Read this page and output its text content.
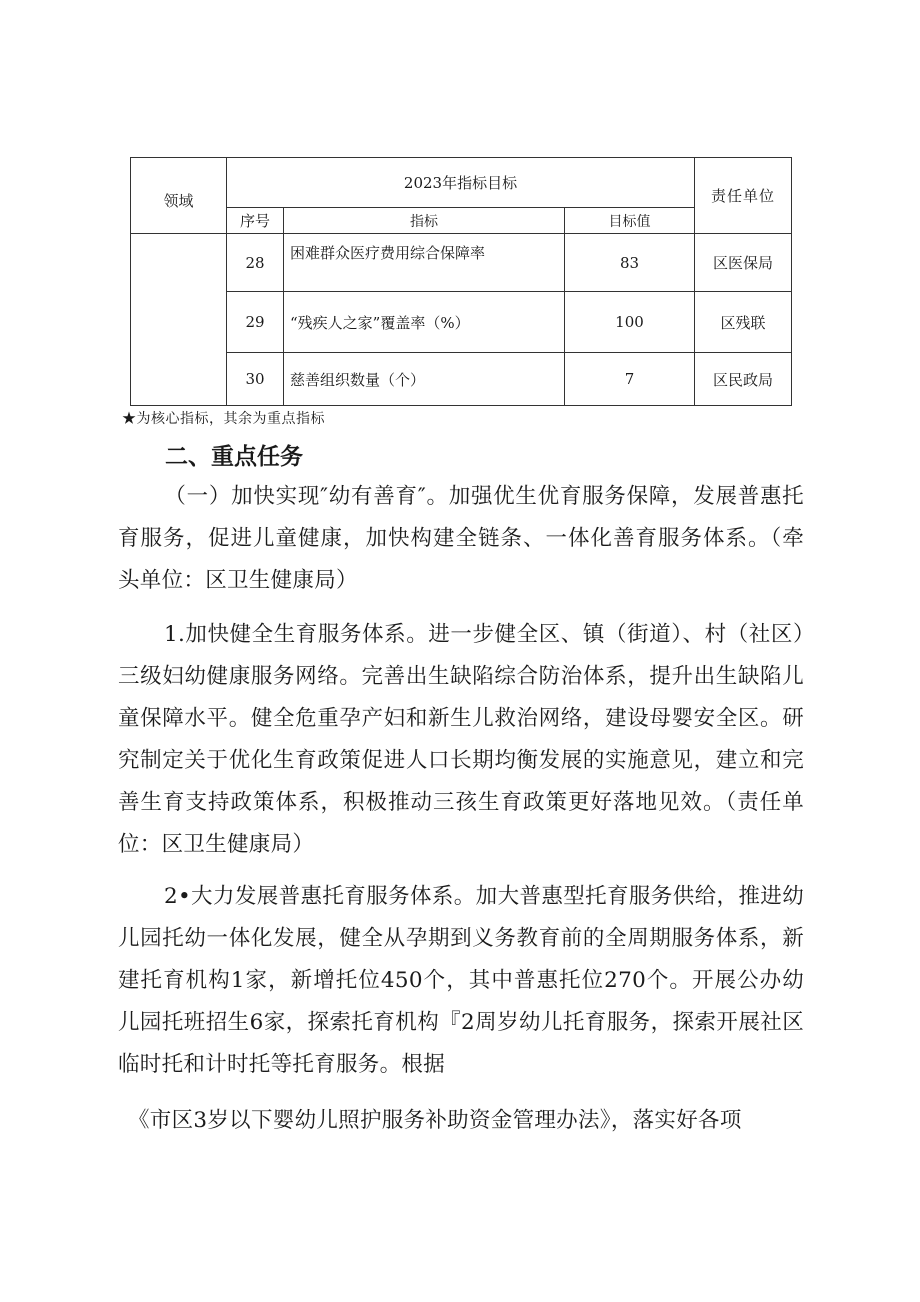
领域	2023年指标目标			责任单位
	序号	指标	目标值	
	28	困难群众医疗费用综合保障率	83	区医保局
	29	“残疾人之家”覆盖率（%）	100	区残联
	30	慈善组织数量（个）	7	区民政局
★为核心指标，其余为重点指标
二、重点任务
（一）加快实现″幼有善育″。加强优生优育服务保障，发展普惠托育服务，促进儿童健康，加快构建全链条、一体化善育服务体系。（牵头单位：区卫生健康局）
1.加快健全生育服务体系。进一步健全区、镇（街道）、村（社区）三级妇幼健康服务网络。完善出生缺陷综合防治体系，提升出生缺陷儿童保障水平。健全危重孕产妇和新生儿救治网络，建设母婴安全区。研究制定关于优化生育政策促进人口长期均衡发展的实施意见，建立和完善生育支持政策体系，积极推动三孩生育政策更好落地见效。（责任单位：区卫生健康局）
2•大力发展普惠托育服务体系。加大普惠型托育服务供给，推进幼儿园托幼一体化发展，健全从孕期到义务教育前的全周期服务体系，新建托育机构1家，新增托位450个，其中普惠托位270个。开展公办幼儿园托班招生6家，探索托育机构『2周岁幼儿托育服务，探索开展社区临时托和计时托等托育服务。根据
《市区3岁以下婴幼儿照护服务补助资金管理办法》，落实好各项
